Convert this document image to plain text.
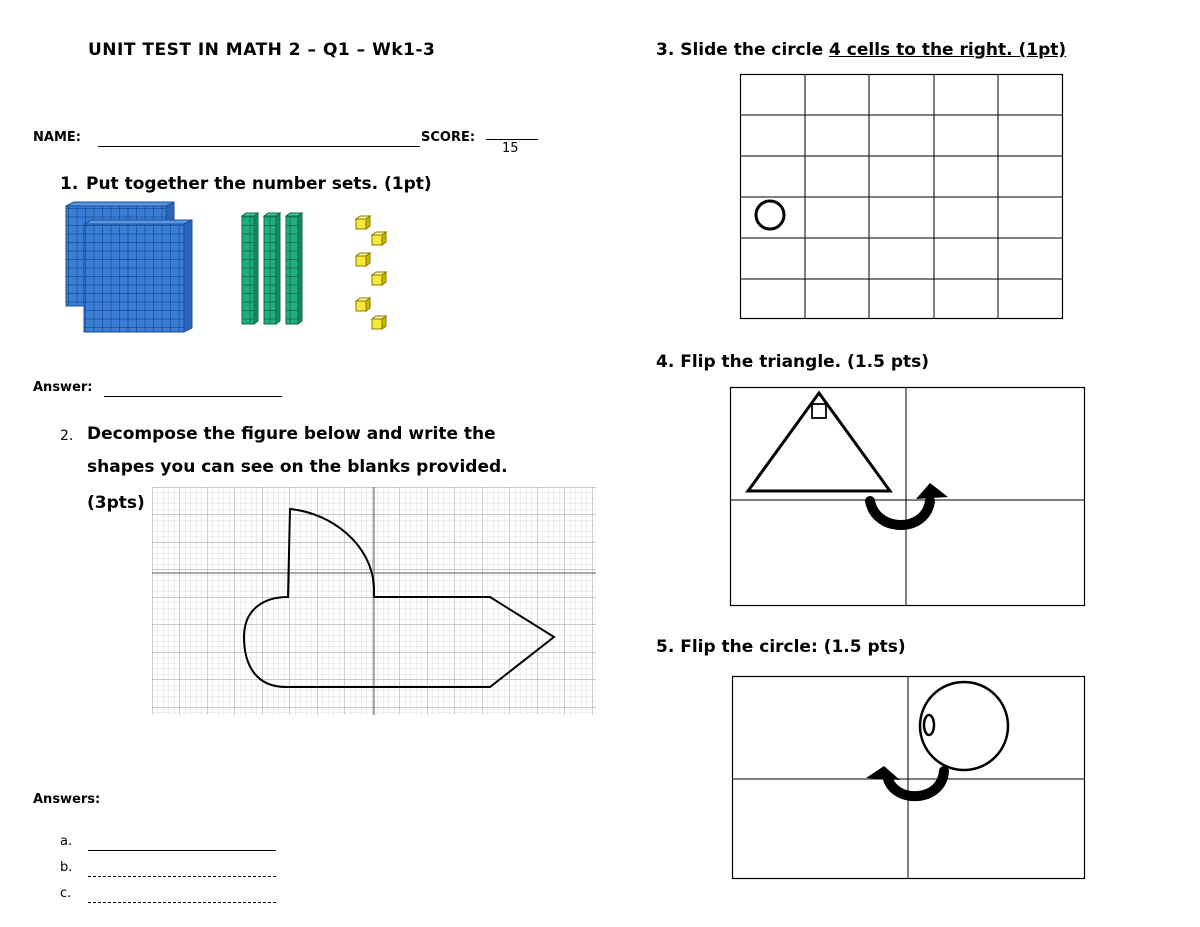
UNIT TEST IN MATH 2 – Q1 – Wk1-3
NAME:	SCORE:
15
1. Put together the number sets. (1pt)
Answer:
2. Decompose the figure below and write the
shapes you can see on the blanks provided.
(3pts)
Answers:
a.
b.
c.
3. Slide the circle 4 cells to the right. (1pt)
4. Flip the triangle. (1.5 pts)
5. Flip the circle: (1.5 pts)
